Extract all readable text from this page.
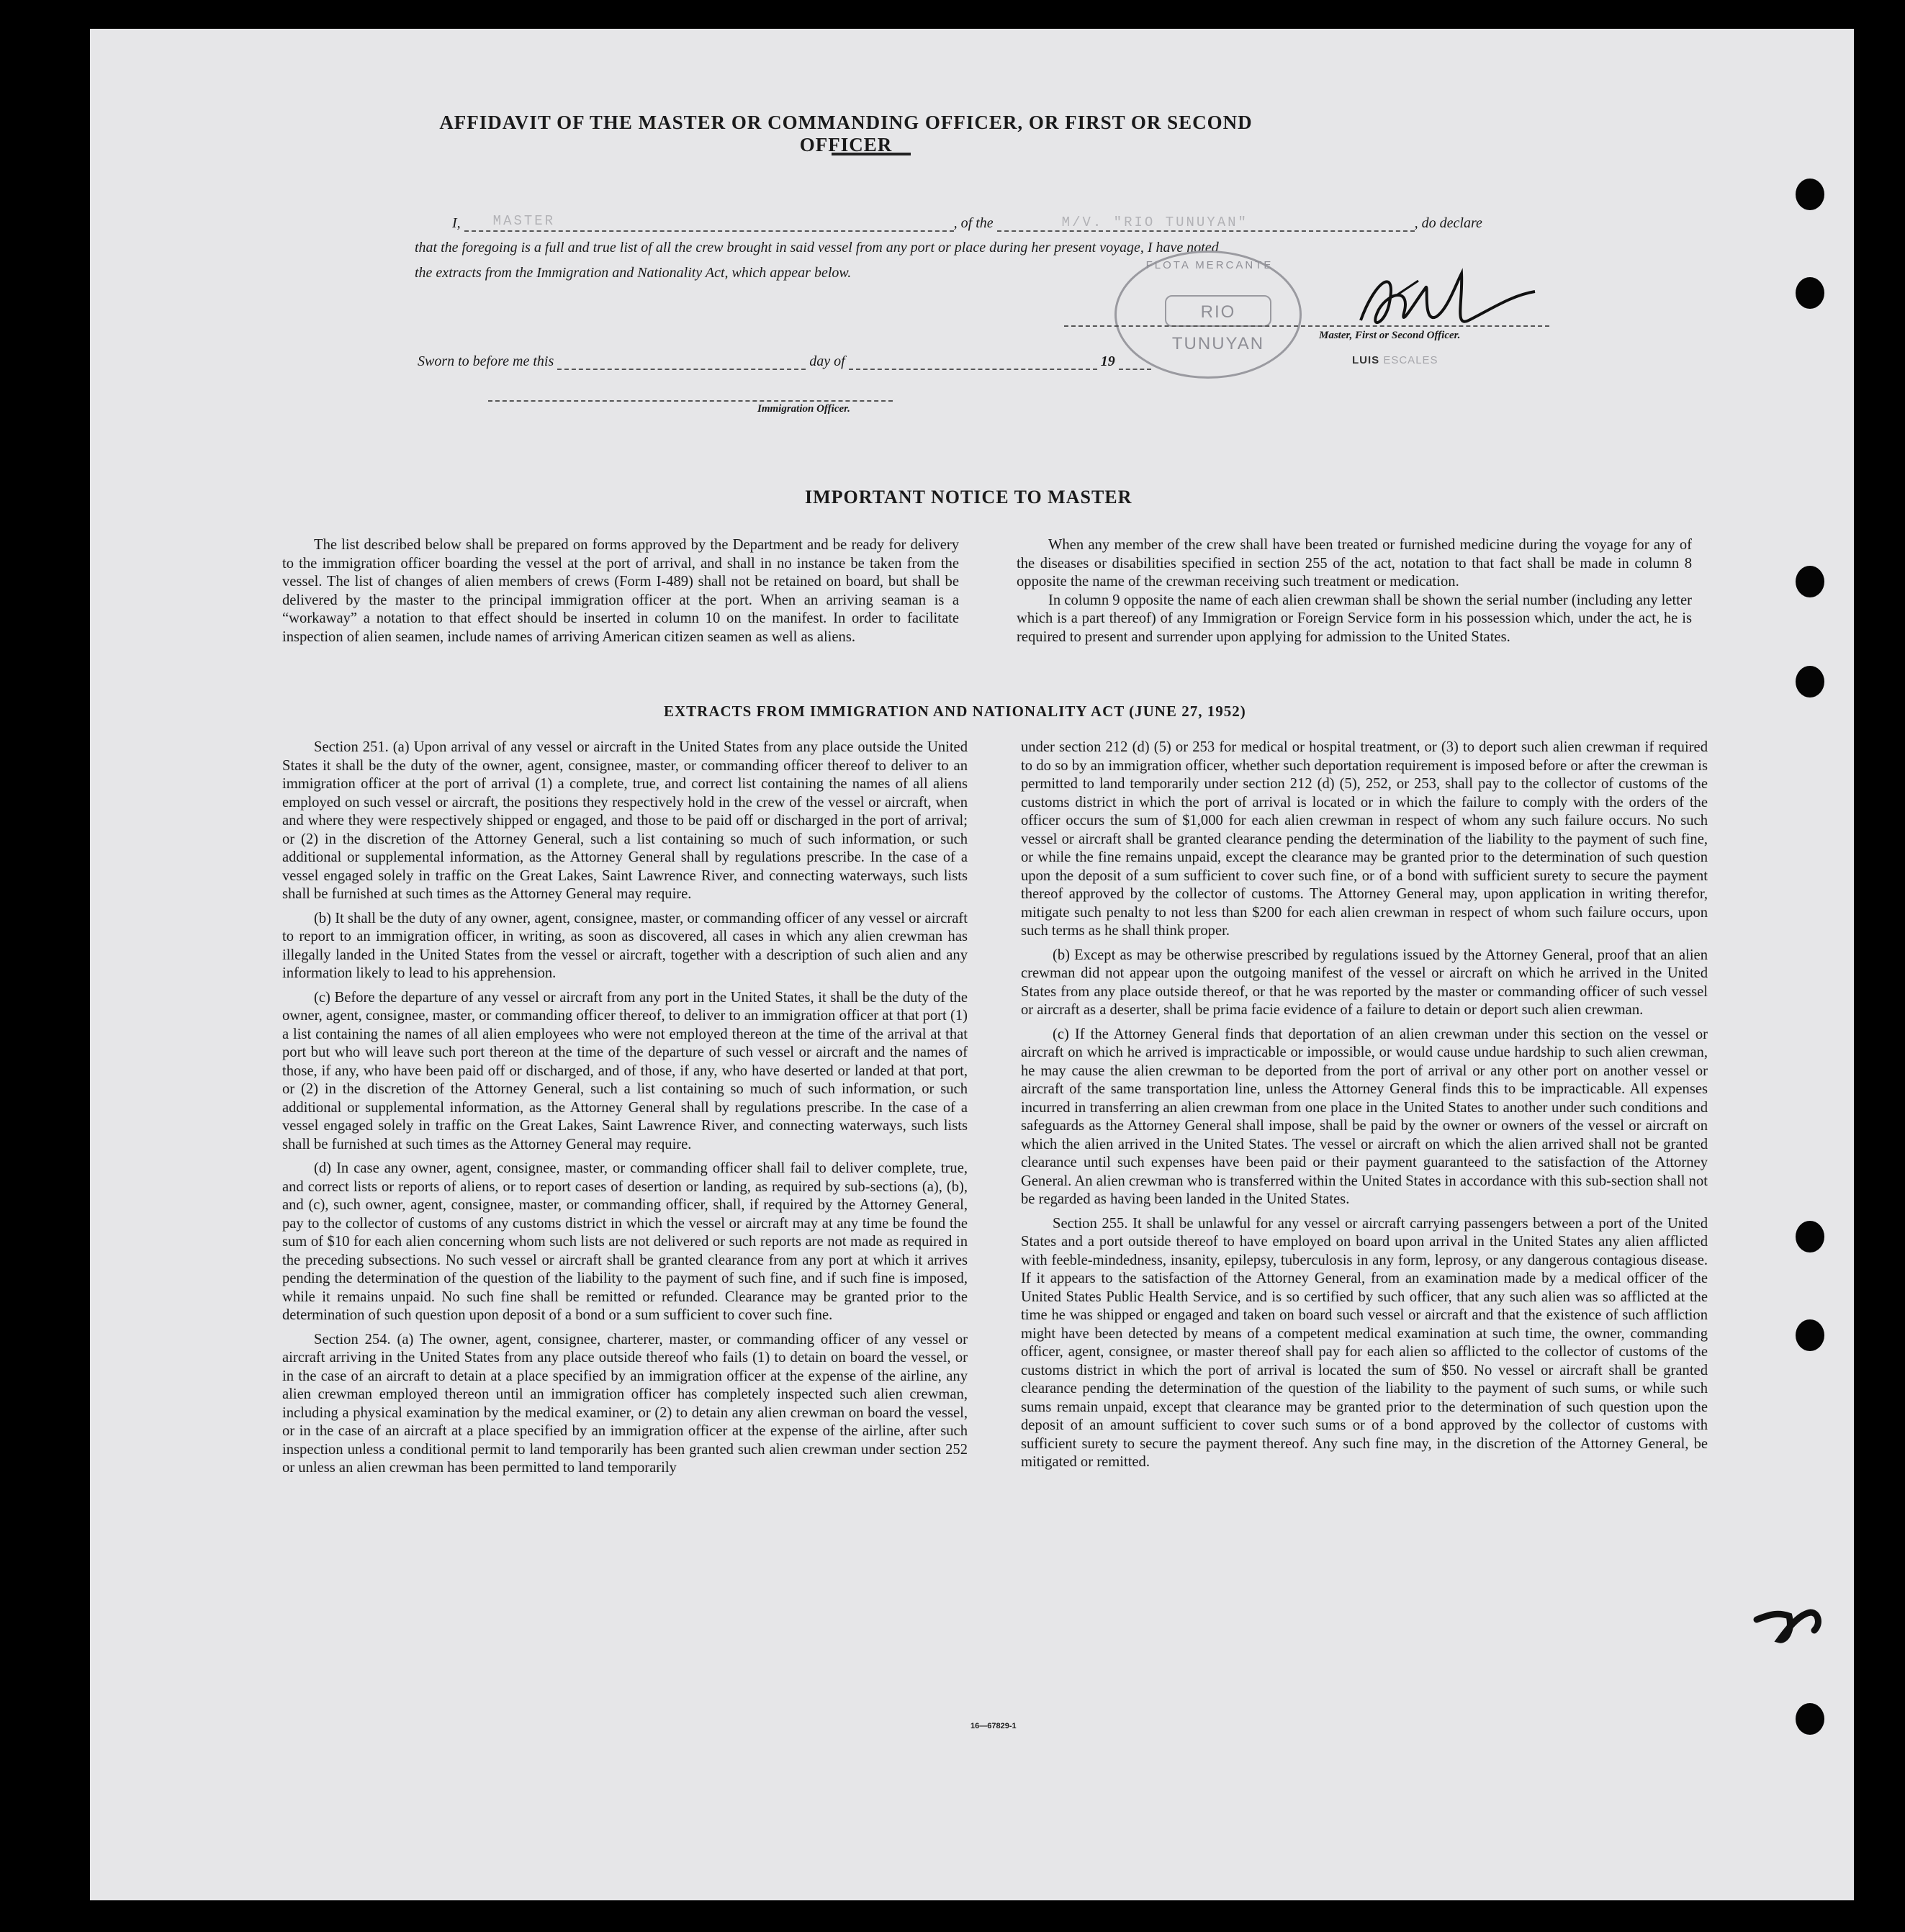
AFFIDAVIT OF THE MASTER OR COMMANDING OFFICER, OR FIRST OR SECOND OFFICER
I, MASTER	, of the	M/V. "RIO TUNUYAN"	, do declare
that the foregoing is a full and true list of all the crew brought in said vessel from any port or place during her present voyage, I have noted
the extracts from the Immigration and Nationality Act, which appear below.	FLOTA MERCANTE
RIO TUNUYAN	Master, First or Second Officer.
LUIS ESCALES
Sworn to before me this	day of	19
Immigration Officer.
IMPORTANT NOTICE TO MASTER

The list described below shall be prepared on forms approved by the Department and be ready for delivery to the immigration officer boarding the vessel at the port of arrival, and shall in no instance be taken from the vessel. The list of changes of alien members of crews (Form I-489) shall not be retained on board, but shall be delivered by the master to the principal immigration officer at the port. When an arriving seaman is a “workaway” a notation to that effect should be inserted in column 10 on the manifest. In order to facilitate inspection of alien seamen, include names of arriving American citizen seamen as well as aliens.

When any member of the crew shall have been treated or furnished medicine during the voyage for any of the diseases or disabilities specified in section 255 of the act, notation to that fact shall be made in column 8 opposite the name of the crewman receiving such treatment or medication.

In column 9 opposite the name of each alien crewman shall be shown the serial number (including any letter which is a part thereof) of any Immigration or Foreign Service form in his possession which, under the act, he is required to present and surrender upon applying for admission to the United States.

EXTRACTS FROM IMMIGRATION AND NATIONALITY ACT (JUNE 27, 1952)

Section 251. (a) Upon arrival of any vessel or aircraft in the United States from any place outside the United States it shall be the duty of the owner, agent, consignee, master, or commanding officer thereof to deliver to an immigration officer at the port of arrival (1) a complete, true, and correct list containing the names of all aliens employed on such vessel or aircraft, the positions they respectively hold in the crew of the vessel or aircraft, when and where they were respectively shipped or engaged, and those to be paid off or discharged in the port of arrival; or (2) in the discretion of the Attorney General, such a list containing so much of such information, or such additional or supplemental information, as the Attorney General shall by regulations prescribe. In the case of a vessel engaged solely in traffic on the Great Lakes, Saint Lawrence River, and connecting waterways, such lists shall be furnished at such times as the Attorney General may require.

(b) It shall be the duty of any owner, agent, consignee, master, or commanding officer of any vessel or aircraft to report to an immigration officer, in writing, as soon as discovered, all cases in which any alien crewman has illegally landed in the United States from the vessel or aircraft, together with a description of such alien and any information likely to lead to his apprehension.

(c) Before the departure of any vessel or aircraft from any port in the United States, it shall be the duty of the owner, agent, consignee, master, or commanding officer thereof, to deliver to an immigration officer at that port (1) a list containing the names of all alien employees who were not employed thereon at the time of the arrival at that port but who will leave such port thereon at the time of the departure of such vessel or aircraft and the names of those, if any, who have been paid off or discharged, and of those, if any, who have deserted or landed at that port, or (2) in the discretion of the Attorney General, such a list containing so much of such information, or such additional or supplemental information, as the Attorney General shall by regulations prescribe. In the case of a vessel engaged solely in traffic on the Great Lakes, Saint Lawrence River, and connecting waterways, such lists shall be furnished at such times as the Attorney General may require.

(d) In case any owner, agent, consignee, master, or commanding officer shall fail to deliver complete, true, and correct lists or reports of aliens, or to report cases of desertion or landing, as required by sub-sections (a), (b), and (c), such owner, agent, consignee, master, or commanding officer, shall, if required by the Attorney General, pay to the collector of customs of any customs district in which the vessel or aircraft may at any time be found the sum of $10 for each alien concerning whom such lists are not delivered or such reports are not made as required in the preceding subsections. No such vessel or aircraft shall be granted clearance from any port at which it arrives pending the determination of the question of the liability to the payment of such fine, and if such fine is imposed, while it remains unpaid. No such fine shall be remitted or refunded. Clearance may be granted prior to the determination of such question upon deposit of a bond or a sum sufficient to cover such fine.

Section 254. (a) The owner, agent, consignee, charterer, master, or commanding officer of any vessel or aircraft arriving in the United States from any place outside thereof who fails (1) to detain on board the vessel, or in the case of an aircraft to detain at a place specified by an immigration officer at the expense of the airline, any alien crewman employed thereon until an immigration officer has completely inspected such alien crewman, including a physical examination by the medical examiner, or (2) to detain any alien crewman on board the vessel, or in the case of an aircraft at a place specified by an immigration officer at the expense of the airline, after such inspection unless a conditional permit to land temporarily has been granted such alien crewman under section 252 or unless an alien crewman has been permitted to land temporarily

under section 212 (d) (5) or 253 for medical or hospital treatment, or (3) to deport such alien crewman if required to do so by an immigration officer, whether such deportation requirement is imposed before or after the crewman is permitted to land temporarily under section 212 (d) (5), 252, or 253, shall pay to the collector of customs of the customs district in which the port of arrival is located or in which the failure to comply with the orders of the officer occurs the sum of $1,000 for each alien crewman in respect of whom any such failure occurs. No such vessel or aircraft shall be granted clearance pending the determination of the liability to the payment of such fine, or while the fine remains unpaid, except the clearance may be granted prior to the determination of such question upon the deposit of a sum sufficient to cover such fine, or of a bond with sufficient surety to secure the payment thereof approved by the collector of customs. The Attorney General may, upon application in writing therefor, mitigate such penalty to not less than $200 for each alien crewman in respect of whom such failure occurs, upon such terms as he shall think proper.

(b) Except as may be otherwise prescribed by regulations issued by the Attorney General, proof that an alien crewman did not appear upon the outgoing manifest of the vessel or aircraft on which he arrived in the United States from any place outside thereof, or that he was reported by the master or commanding officer of such vessel or aircraft as a deserter, shall be prima facie evidence of a failure to detain or deport such alien crewman.

(c) If the Attorney General finds that deportation of an alien crewman under this section on the vessel or aircraft on which he arrived is impracticable or impossible, or would cause undue hardship to such alien crewman, he may cause the alien crewman to be deported from the port of arrival or any other port on another vessel or aircraft of the same transportation line, unless the Attorney General finds this to be impracticable. All expenses incurred in transferring an alien crewman from one place in the United States to another under such conditions and safeguards as the Attorney General shall impose, shall be paid by the owner or owners of the vessel or aircraft on which the alien arrived in the United States. The vessel or aircraft on which the alien arrived shall not be granted clearance until such expenses have been paid or their payment guaranteed to the satisfaction of the Attorney General. An alien crewman who is transferred within the United States in accordance with this sub-section shall not be regarded as having been landed in the United States.

Section 255. It shall be unlawful for any vessel or aircraft carrying passengers between a port of the United States and a port outside thereof to have employed on board upon arrival in the United States any alien afflicted with feeble-mindedness, insanity, epilepsy, tuberculosis in any form, leprosy, or any dangerous contagious disease. If it appears to the satisfaction of the Attorney General, from an examination made by a medical officer of the United States Public Health Service, and is so certified by such officer, that any such alien was so afflicted at the time he was shipped or engaged and taken on board such vessel or aircraft and that the existence of such affliction might have been detected by means of a competent medical examination at such time, the owner, commanding officer, agent, consignee, or master thereof shall pay for each alien so afflicted to the collector of customs of the customs district in which the port of arrival is located the sum of $50. No vessel or aircraft shall be granted clearance pending the determination of the question of the liability to the payment of such sums, or while such sums remain unpaid, except that clearance may be granted prior to the determination of such question upon the deposit of an amount sufficient to cover such sums or of a bond approved by the collector of customs with sufficient surety to secure the payment thereof. Any such fine may, in the discretion of the Attorney General, be mitigated or remitted.

16—67829-1
